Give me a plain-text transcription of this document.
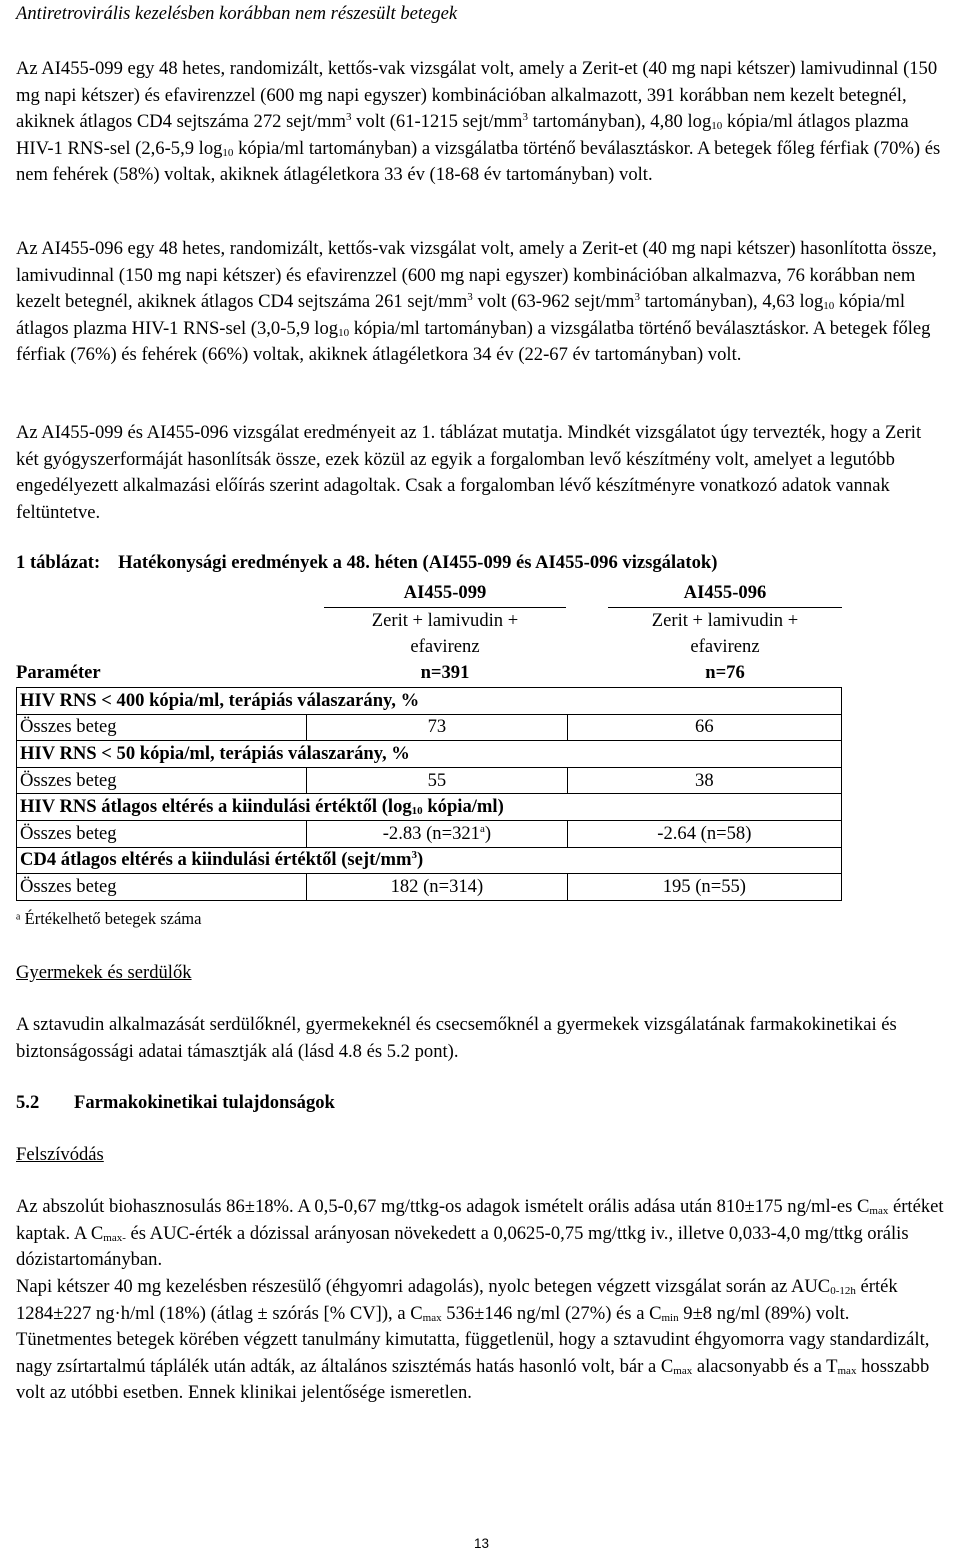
Antiretrovirális kezelésben korábban nem részesült betegek

Az AI455-099 egy 48 hetes, randomizált, kettős-vak vizsgálat volt, amely a Zerit-et (40 mg napi kétszer) lamivudinnal (150 mg napi kétszer) és efavirenzzel (600 mg napi egyszer) kombinációban alkalmazott, 391 korábban nem kezelt betegnél, akiknek átlagos CD4 sejtszáma 272 sejt/$mm^3$ volt (61-1215 sejt/$mm^3$ tartományban), 4,80 $\log_{10}$ kópia/ml átlagos plazma HIV-1 RNS-sel (2,6-5,9 $\log_{10}$ kópia/ml tartományban) a vizsgálatba történő beválasztáskor. A betegek főleg férfiak (70%) és nem fehérek (58%) voltak, akiknek átlagéletkora 33 év (18-68 év tartományban) volt.

Az AI455-096 egy 48 hetes, randomizált, kettős-vak vizsgálat volt, amely a Zerit-et (40 mg napi kétszer) hasonlította össze, lamivudinnal (150 mg napi kétszer) és efavirenzzel (600 mg napi egyszer) kombinációban alkalmazva, 76 korábban nem kezelt betegnél, akiknek átlagos CD4 sejtszáma 261 sejt/$mm^3$ volt (63-962 sejt/$mm^3$ tartományban), 4,63 $\log_{10}$ kópia/ml átlagos plazma HIV-1 RNS-sel (3,0-5,9 $\log_{10}$ kópia/ml tartományban) a vizsgálatba történő beválasztáskor. A betegek főleg férfiak (76%) és fehérek (66%) voltak, akiknek átlagéletkora 34 év (22-67 év tartományban) volt.

Az AI455-099 és AI455-096 vizsgálat eredményeit az 1. táblázat mutatja. Mindkét vizsgálatot úgy tervezték, hogy a Zerit két gyógyszerformáját hasonlítsák össze, ezek közül az egyik a forgalomban levő készítmény volt, amelyet a legutóbb engedélyezett alkalmazási előírás szerint adagoltak. Csak a forgalomban lévő készítményre vonatkozó adatok vannak feltüntetve.

1 táblázat: Hatékonysági eredmények a 48. héten (AI455-099 és AI455-096 vizsgálatok)
AI455-099	AI455-096
Zerit + lamivudin +	Zerit + lamivudin +
efavirenz	efavirenz
Paraméter	n=391	n=76
HIV RNS < 400 kópia/ml, terápiás válaszarány, %		
Összes beteg	73	66
HIV RNS < 50 kópia/ml, terápiás válaszarány, %		
Összes beteg	55	38
HIV RNS átlagos eltérés a kiindulási értéktől ($\log_{10}$ kópia/ml)		
Összes beteg	-2.83 $(n=321^a)$	-2.64 (n=58)
CD4 átlagos eltérés a kiindulási értéktől $(sejt/mm^3)$		
Összes beteg	182 (n=314)	195 (n=55)
ᵃ Értékelhető betegek száma
Gyermekek és serdülők

A sztavudin alkalmazását serdülőknél, gyermekeknél és csecsemőknél a gyermekek vizsgálatának farmakokinetikai és biztonságossági adatai támasztják alá (lásd 4.8 és 5.2 pont).

5.2 Farmakokinetikai tulajdonságok
Felszívódás

Az abszolút biohasznosulás 86±18%. A 0,5-0,67 mg/ttkg-os adagok ismételt orális adása után 810±175 ng/ml-es $C_{max}$ értéket kaptak. A $C_{max-}$ és AUC-érték a dózissal arányosan növekedett a 0,0625-0,75 mg/ttkg iv., illetve 0,033-4,0 mg/ttkg orális dózistartományban.

Napi kétszer 40 mg kezelésben részesülő (éhgyomri adagolás), nyolc betegen végzett vizsgálat során az $AUC_{0-12h}$ érték 1284±227 ng·h/ml (18%) (átlag ± szórás [% CV]), a $C_{max}$ 536±146 ng/ml (27%) és a $C_{min}$ 9±8 ng/ml (89%) volt. Tünetmentes betegek körében végzett tanulmány kimutatta, függetlenül, hogy a sztavudint éhgyomorra vagy standardizált, nagy zsírtartalmú táplálék után adták, az általános szisztémás hatás hasonló volt, bár a $C_{max}$ alacsonyabb és a $T_{max}$ hosszabb volt az utóbbi esetben. Ennek klinikai jelentősége ismeretlen.

13
